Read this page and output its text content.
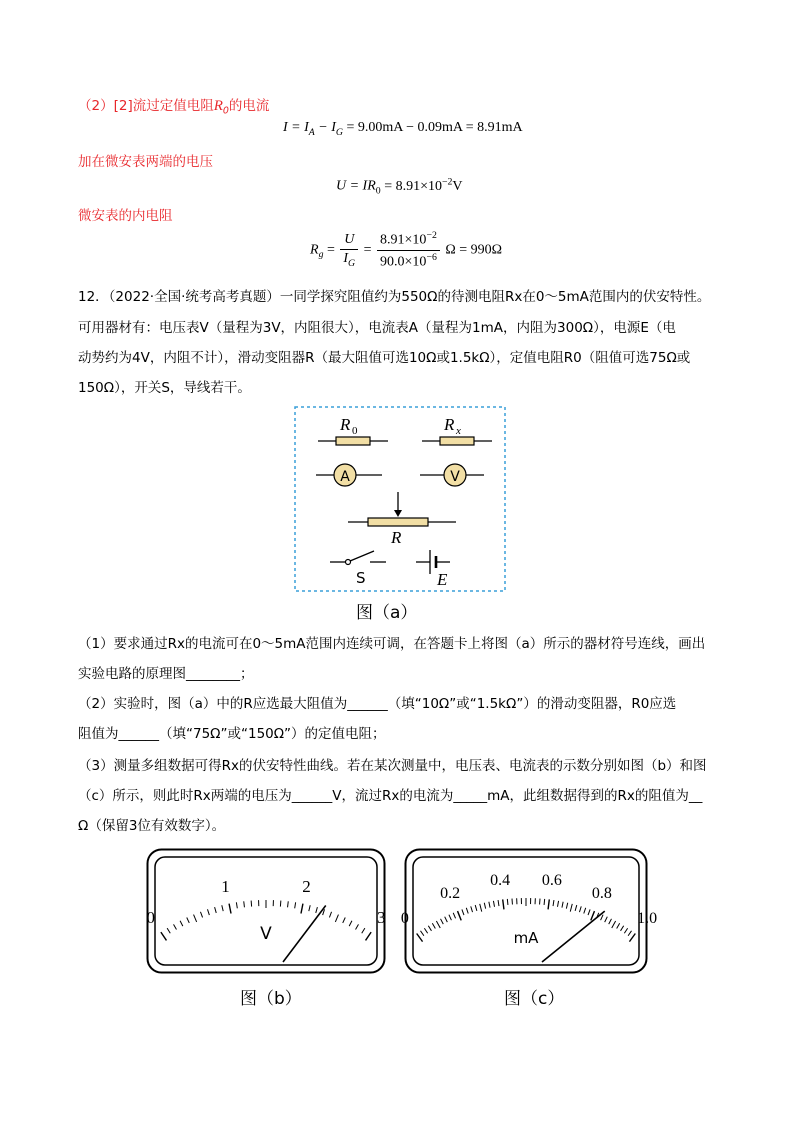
（2）[2]流过定值电阻$R_0$的电流
$I = I_A - I_G = 9.00mA - 0.09mA = 8.91mA$
加在微安表两端的电压
$U = IR_0 = 8.91\times 10^{-2}V$
微安表的内电阻
$R_g = \frac{U}{I_G} = \frac{8.91\times 10^{-2}}{90.0\times 10^{-6}}$ Ω = 990Ω
12．（2022·全国·统考高考真题）一同学探究阻值约为550Ω的待测电阻Rx在0～5mA范围内的伏安特性。
可用器材有：电压表V（量程为3V，内阻很大），电流表A（量程为1mA，内阻为300Ω），电源E（电
动势约为4V，内阻不计），滑动变阻器R（最大阻值可选10Ω或1.5kΩ），定值电阻R0（阻值可选75Ω或
150Ω），开关S，导线若干。
R 0	R x
A	V
R
S	E
图（a）
（1）要求通过Rx的电流可在0～5mA范围内连续可调，在答题卡上将图（a）所示的器材符号连线，画出
实验电路的原理图________；
（2）实验时，图（a）中的R应选最大阻值为______（填“10Ω”或“1.5kΩ”）的滑动变阻器，R0应选
阻值为______（填“75Ω”或“150Ω”）的定值电阻；
（3）测量多组数据可得Rx的伏安特性曲线。若在某次测量中，电压表、电流表的示数分别如图（b）和图
（c）所示，则此时Rx两端的电压为______V，流过Rx的电流为_____mA，此组数据得到的Rx的阻值为__
Ω（保留3位有效数字）。
0
1	2
3
V
图（b）
0
0.2
0.4 0.6
0.8
1.0
mA
图（c）
